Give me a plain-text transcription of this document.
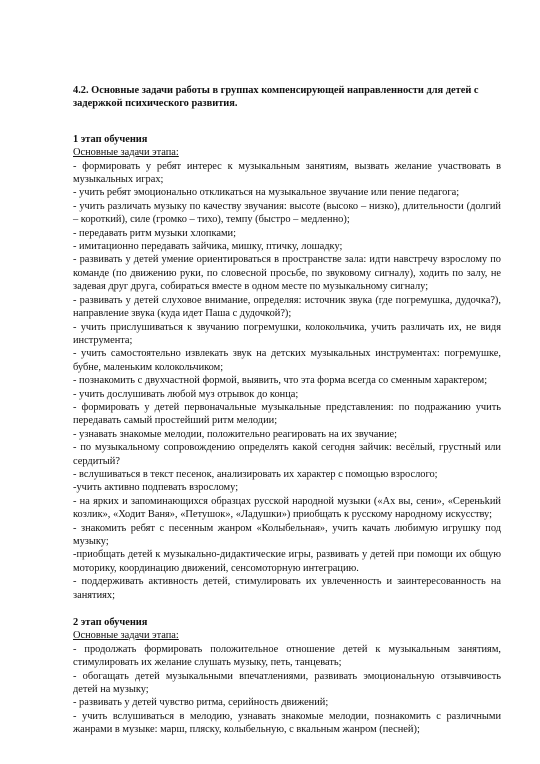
4.2. Основные задачи работы в группах компенсирующей направленности для детей с задержкой психического развития.

1 этап обучения

Основные задачи этапа:

- формировать у ребят интерес к музыкальным занятиям, вызвать желание участвовать в музыкальных играх;

- учить ребят эмоционально откликаться на музыкальное звучание или пение педагога;

- учить различать музыку по качеству звучания: высоте (высоко – низко), длительности (долгий – короткий), силе (громко – тихо), темпу (быстро – медленно);

- передавать ритм музыки хлопками;

- имитационно передавать зайчика, мишку, птичку, лошадку;

- развивать у детей умение ориентироваться в пространстве зала: идти навстречу взрослому по команде (по движению руки, по словесной просьбе, по звуковому сигналу), ходить по залу, не задевая друг друга, собираться вместе в одном месте по музыкальному сигналу;

- развивать у детей слуховое внимание, определяя: источник звука (где погремушка, дудочка?), направление звука (куда идет Паша с дудочкой?);

- учить прислушиваться к звучанию погремушки, колокольчика, учить различать их, не видя инструмента;

- учить самостоятельно извлекать звук на детских музыкальных инструментах: погремушке, бубне, маленьким колокольчиком;

- познакомить с двухчастной формой, выявить, что эта форма всегда со сменным характером;

- учить дослушивать любой муз отрывок до конца;

- формировать у детей первоначальные музыкальные представления: по подражанию учить передавать самый простейший ритм мелодии;

- узнавать знакомые мелодии, положительно реагировать на их звучание;

- по музыкальному сопровождению определять какой сегодня зайчик: весёлый, грустный или сердитый?

- вслушиваться в текст песенок, анализировать их характер с помощью взрослого;

-учить активно подпевать взрослому;

- на ярких и запоминающихся образцах русской народной музыки («Ах вы, сени», «Сереньkий козлик», «Ходит Ваня», «Петушок», «Ладушки») приобщать к русскому народному искусству;

- знакомить ребят с песенным жанром «Колыбельная», учить качать любимую игрушку под музыку;

-приобщать детей к музыкально-дидактические игры, развивать у детей при помощи их общую моторику, координацию движений, сенсомоторную интеграцию.

- поддерживать активность детей, стимулировать их увлеченность и заинтересованность на занятиях;

2 этап обучения

Основные задачи этапа:

- продолжать формировать положительное отношение детей к музыкальным занятиям, стимулировать их желание слушать музыку, петь, танцевать;

- обогащать детей музыкальными впечатлениями, развивать эмоциональную отзывчивость детей на музыку;

- развивать у детей чувство ритма, серийность движений;

- учить вслушиваться в мелодию, узнавать знакомые мелодии, познакомить с различными жанрами в музыке: марш, пляску, колыбельную, с вкальным жанром (песней);
